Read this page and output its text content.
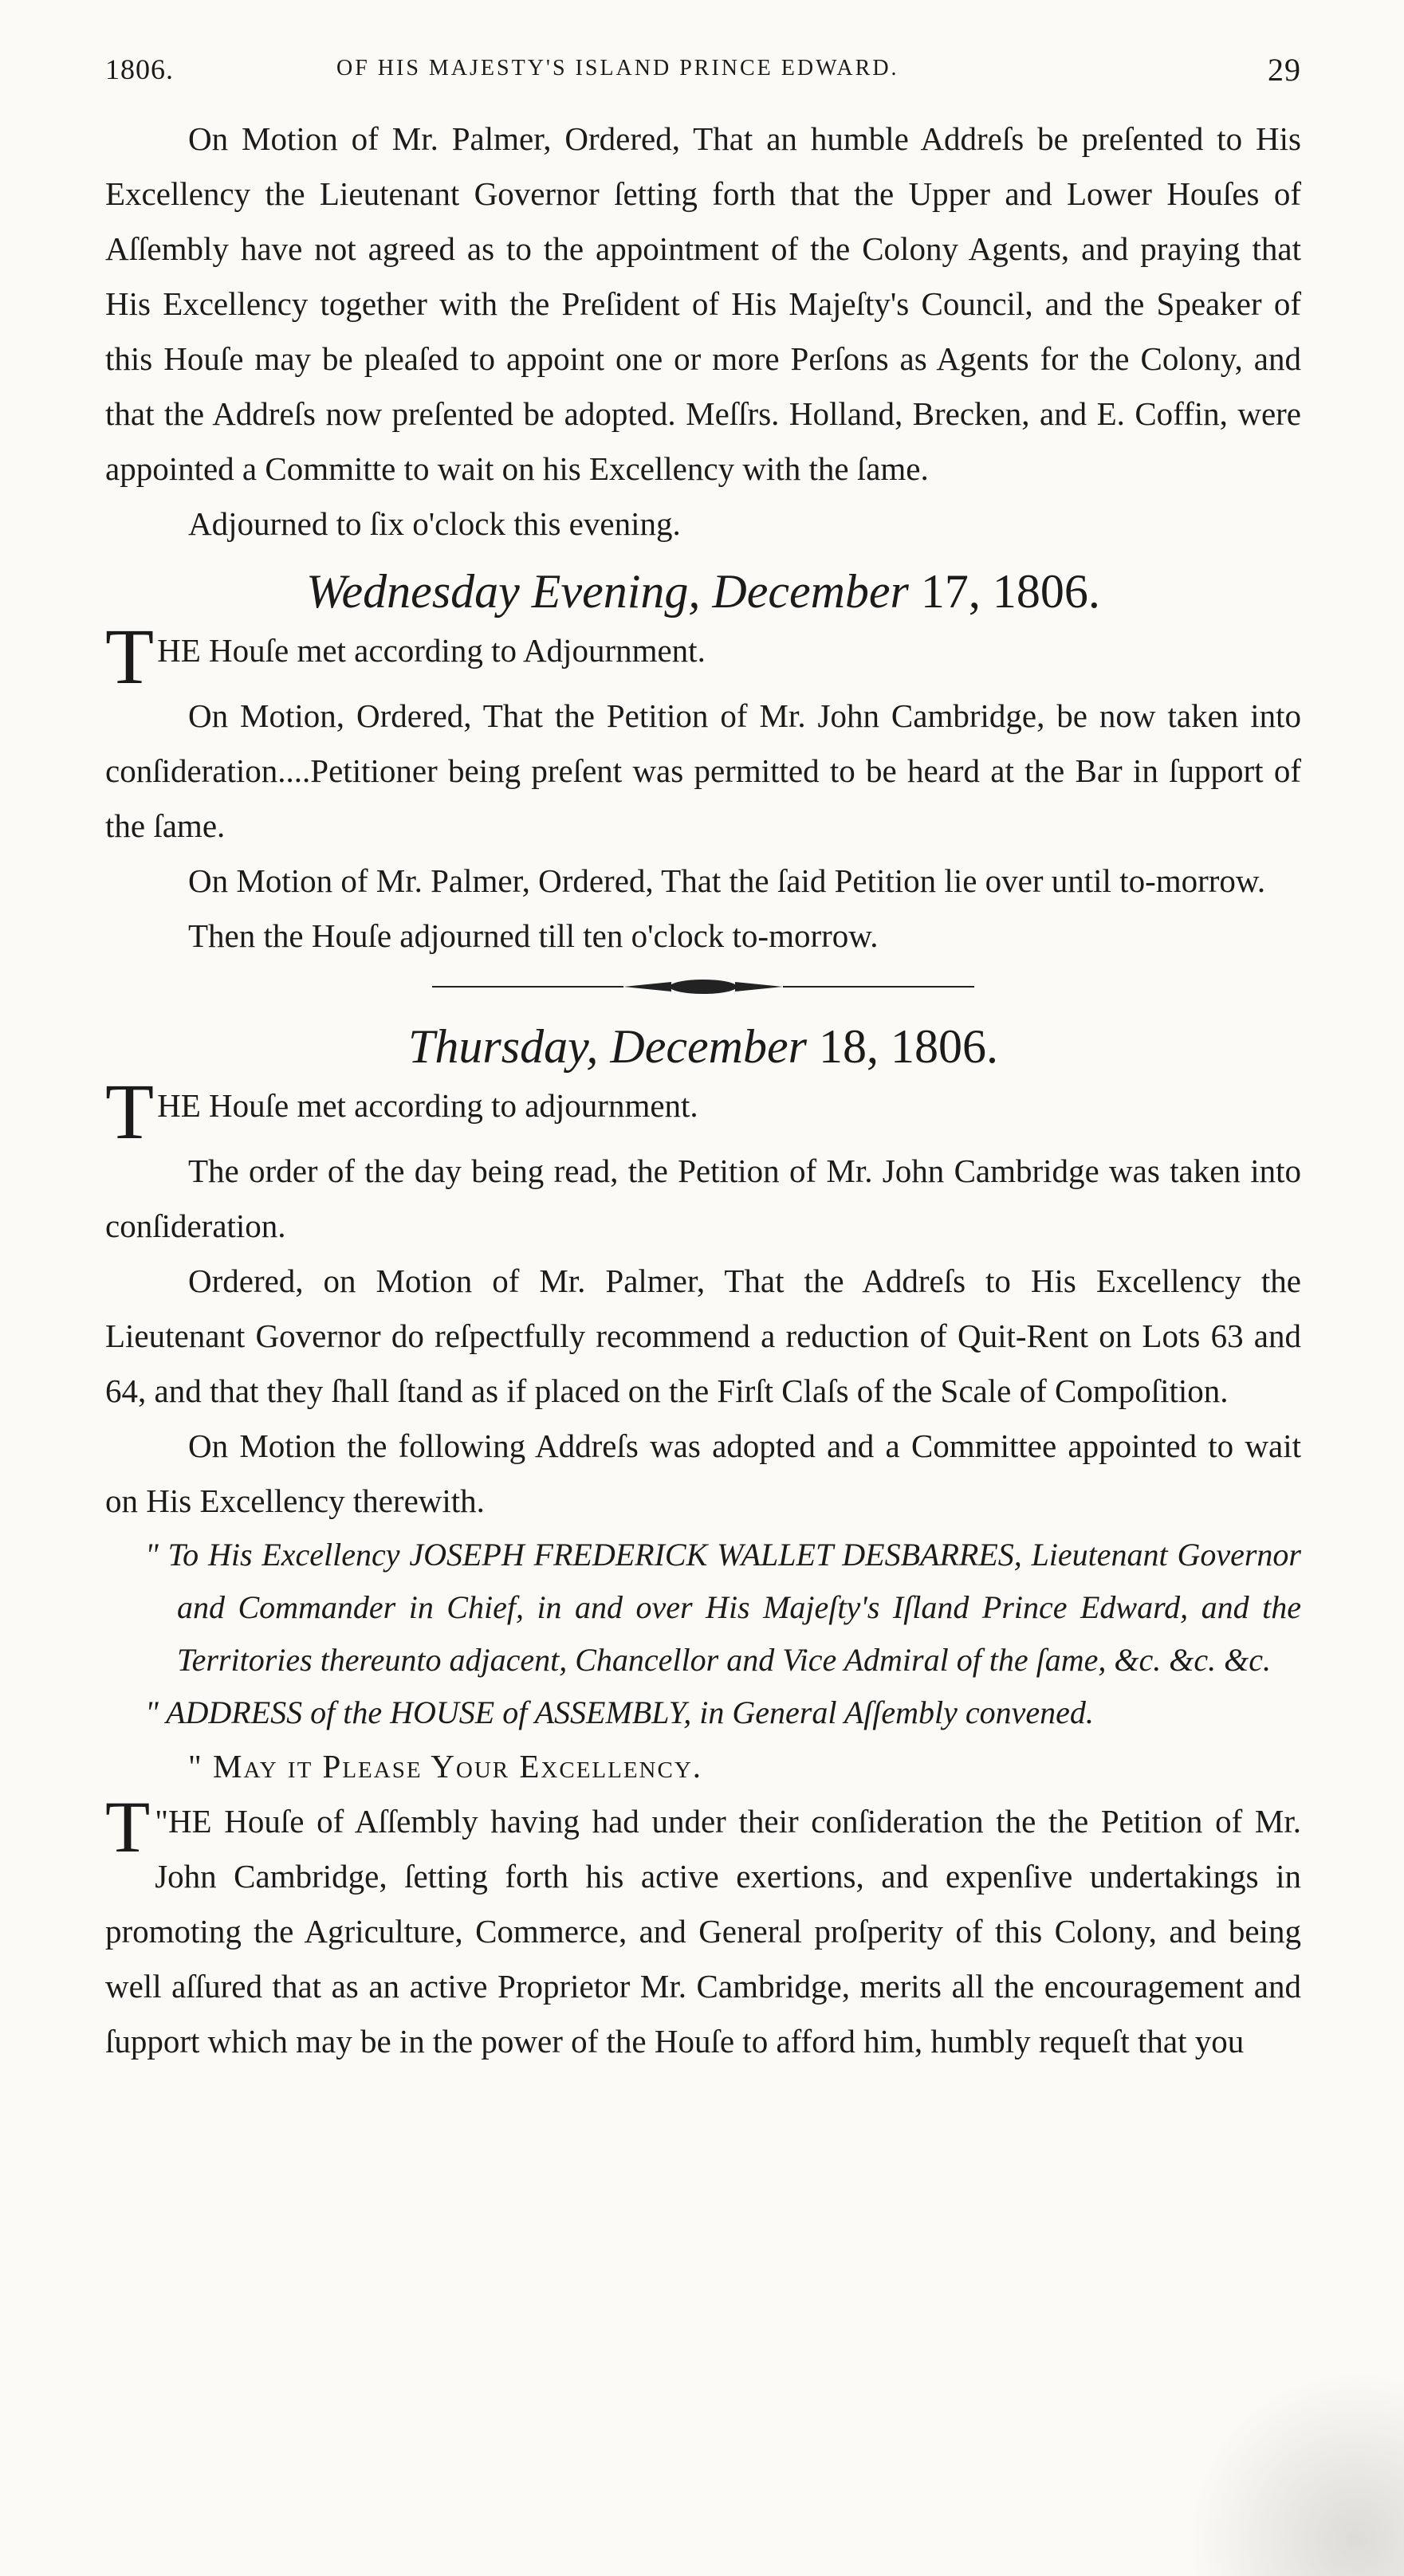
1806.	OF HIS MAJESTY'S ISLAND PRINCE EDWARD.	29

On Motion of Mr. Palmer, Ordered, That an humble Addreſs be preſented to His Excellency the Lieutenant Governor ſetting forth that the Upper and Lower Houſes of Aſſembly have not agreed as to the appointment of the Colony Agents, and praying that His Excellency together with the Preſident of His Majeſty's Council, and the Speaker of this Houſe may be pleaſed to appoint one or more Perſons as Agents for the Colony, and that the Addreſs now preſented be adopted. Meſſrs. Holland, Brecken, and E. Coffin, were appointed a Committe to wait on his Excellency with the ſame.

Adjourned to ſix o'clock this evening.

Wednesday Evening, December 17, 1806.

THE Houſe met according to Adjournment.

On Motion, Ordered, That the Petition of Mr. John Cambridge, be now taken into conſideration....Petitioner being preſent was permitted to be heard at the Bar in ſupport of the ſame.

On Motion of Mr. Palmer, Ordered, That the ſaid Petition lie over until to-morrow.

Then the Houſe adjourned till ten o'clock to-morrow.

Thursday, December 18, 1806.

THE Houſe met according to adjournment.

The order of the day being read, the Petition of Mr. John Cambridge was taken into conſideration.

Ordered, on Motion of Mr. Palmer, That the Addreſs to His Excellency the Lieutenant Governor do reſpectfully recommend a reduction of Quit-Rent on Lots 63 and 64, and that they ſhall ſtand as if placed on the Firſt Claſs of the Scale of Compoſition.

On Motion the following Addreſs was adopted and a Committee appointed to wait on His Excellency therewith.

" To His Excellency JOSEPH FREDERICK WALLET DESBARRES, Lieutenant Governor and Commander in Chief, in and over His Majeſty's Iſland Prince Edward, and the Territories thereunto adjacent, Chancellor and Vice Admiral of the ſame, &c. &c. &c.

" ADDRESS of the HOUSE of ASSEMBLY, in General Aſſembly convened.

" May it Please Your Excellency.

"
T HE Houſe of Aſſembly having had under their conſideration the the Petition of Mr. John Cambridge, ſetting forth his active exertions, and expenſive undertakings in promoting the Agriculture, Commerce, and General proſperity of this Colony, and being well aſſured that as an active Proprietor Mr. Cambridge, merits all the encouragement and ſupport which may be in the power of the Houſe to afford him, humbly requeſt that you
